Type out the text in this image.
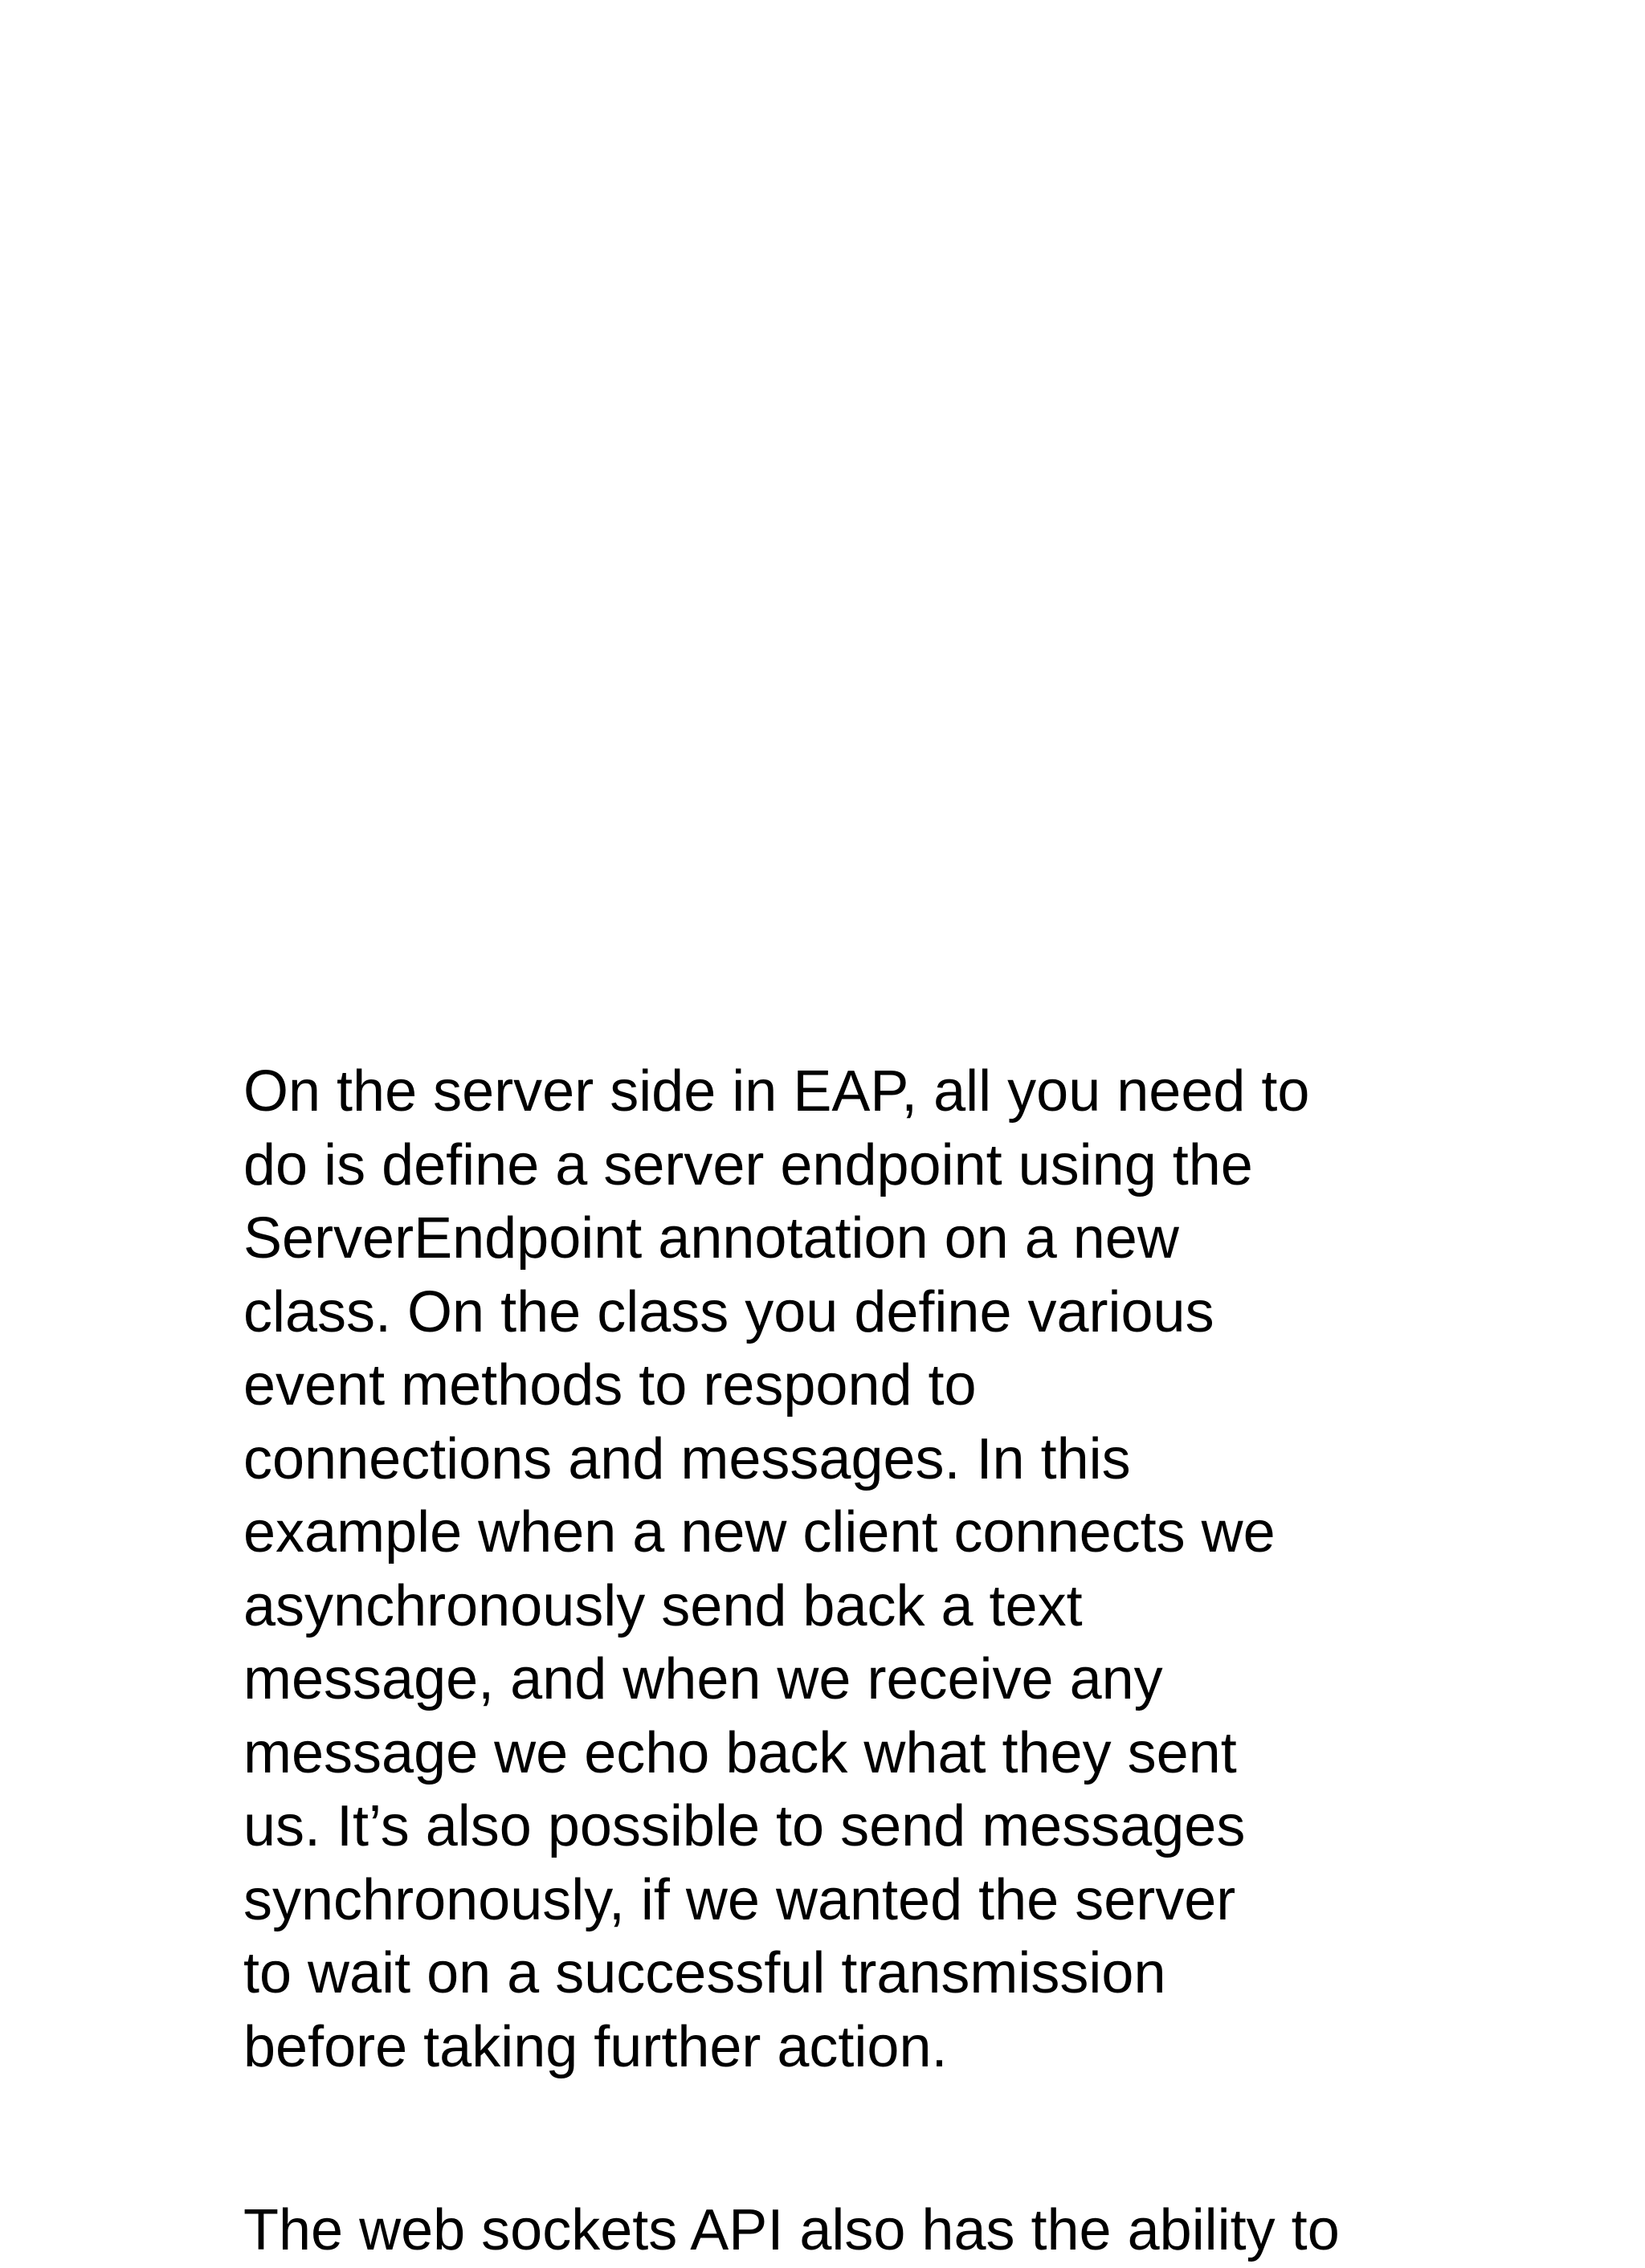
On the server side in EAP, all you need to
do is define a server endpoint using the
ServerEndpoint annotation on a new
class. On the class you define various
event methods to respond to
connections and messages. In this
example when a new client connects we
asynchronously send back a text
message, and when we receive any
message we echo back what they sent
us. It’s also possible to send messages
synchronously, if we wanted the server
to wait on a successful transmission
before taking further action.

The web sockets API also has the ability to
